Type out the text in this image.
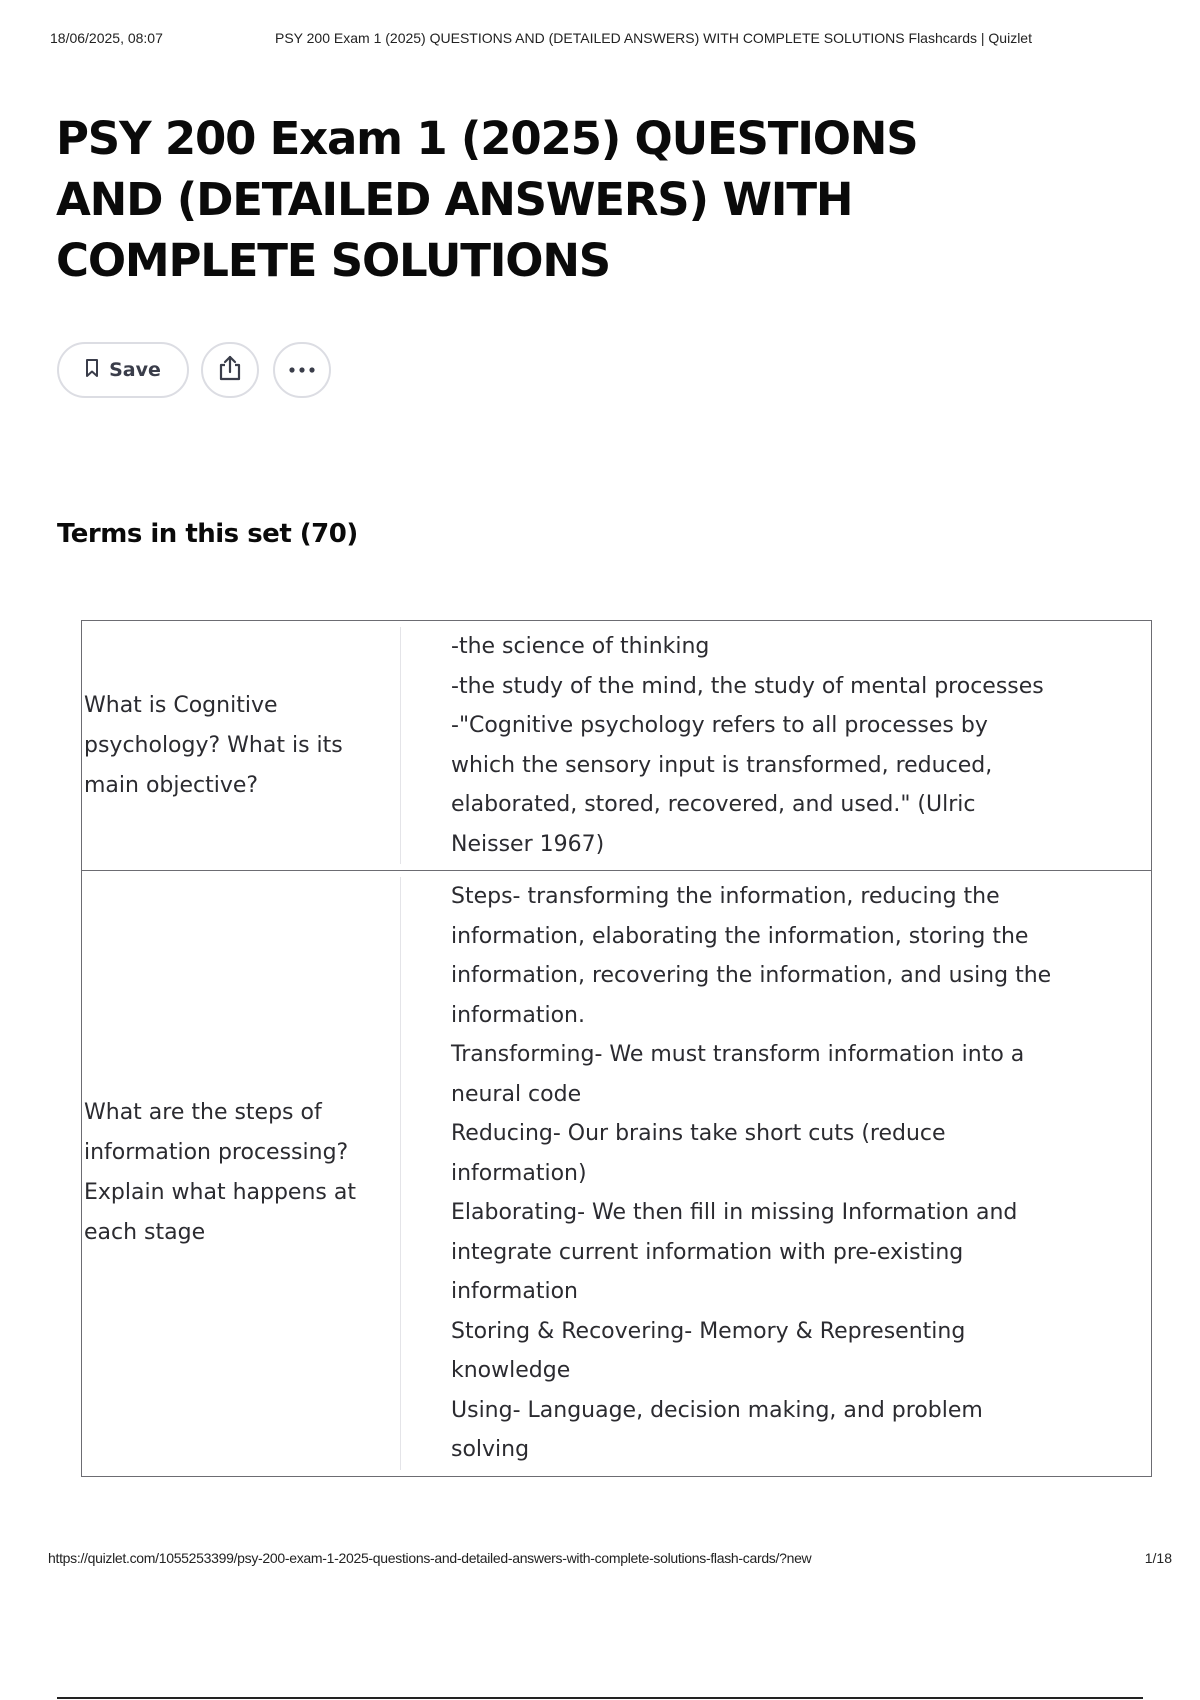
18/06/2025, 08:07	PSY 200 Exam 1 (2025) QUESTIONS AND (DETAILED ANSWERS) WITH COMPLETE SOLUTIONS Flashcards | Quizlet
PSY 200 Exam 1 (2025) QUESTIONS AND (DETAILED ANSWERS) WITH COMPLETE SOLUTIONS
Save
Terms in this set (70)
What is Cognitive psychology? What is its main objective?
-the science of thinking
-the study of the mind, the study of mental processes
-"Cognitive psychology refers to all processes by
which the sensory input is transformed, reduced,
elaborated, stored, recovered, and used." (Ulric
Neisser 1967)
What are the steps of information processing? Explain what happens at each stage
Steps- transforming the information, reducing the
information, elaborating the information, storing the
information, recovering the information, and using the
information.
Transforming- We must transform information into a
neural code
Reducing- Our brains take short cuts (reduce
information)
Elaborating- We then fill in missing Information and
integrate current information with pre-existing
information
Storing & Recovering- Memory & Representing
knowledge
Using- Language, decision making, and problem
solving
https://quizlet.com/1055253399/psy-200-exam-1-2025-questions-and-detailed-answers-with-complete-solutions-flash-cards/?new	1/18
